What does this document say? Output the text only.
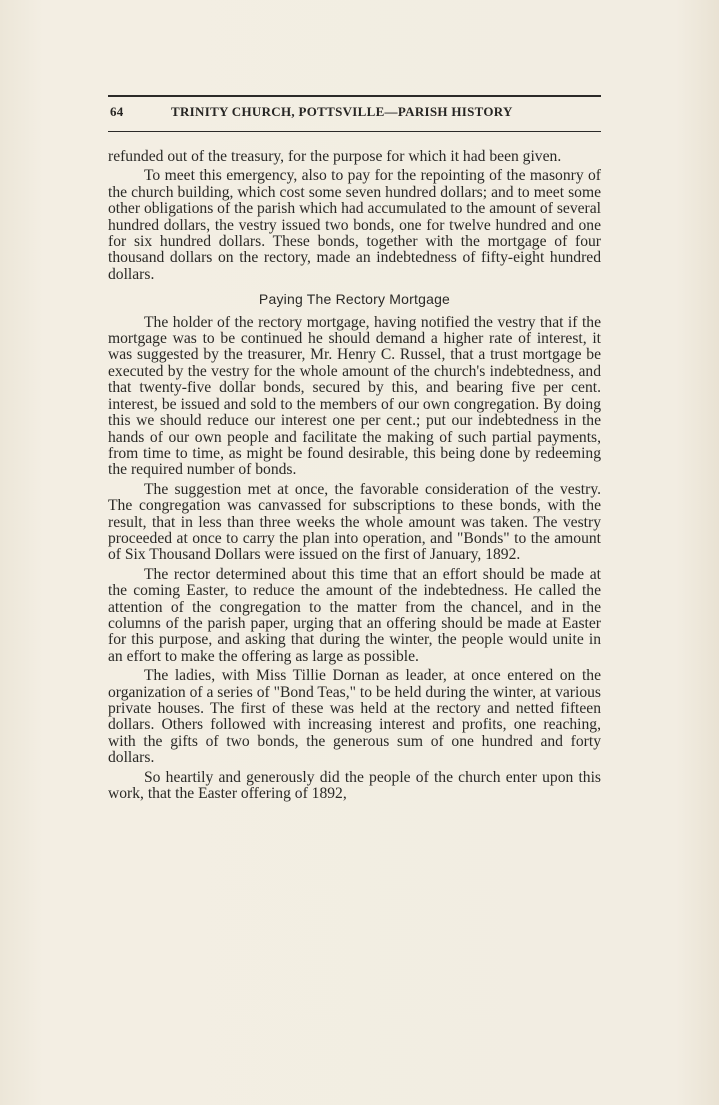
64	TRINITY CHURCH, POTTSVILLE—PARISH HISTORY

refunded out of the treasury, for the purpose for which it had been given.

To meet this emergency, also to pay for the repointing of the masonry of the church building, which cost some seven hundred dollars; and to meet some other obligations of the parish which had accumulated to the amount of several hundred dollars, the vestry issued two bonds, one for twelve hundred and one for six hundred dollars. These bonds, together with the mortgage of four thousand dollars on the rectory, made an indebtedness of fifty-eight hundred dollars.

Paying The Rectory Mortgage

The holder of the rectory mortgage, having notified the vestry that if the mortgage was to be continued he should demand a higher rate of interest, it was suggested by the treasurer, Mr. Henry C. Russel, that a trust mortgage be executed by the vestry for the whole amount of the church's indebtedness, and that twenty-five dollar bonds, secured by this, and bearing five per cent. interest, be issued and sold to the members of our own congregation. By doing this we should reduce our interest one per cent.; put our indebtedness in the hands of our own people and facilitate the making of such partial payments, from time to time, as might be found desirable, this being done by redeeming the required number of bonds.

The suggestion met at once, the favorable consideration of the vestry. The congregation was canvassed for subscriptions to these bonds, with the result, that in less than three weeks the whole amount was taken. The vestry proceeded at once to carry the plan into operation, and "Bonds" to the amount of Six Thousand Dollars were issued on the first of January, 1892.

The rector determined about this time that an effort should be made at the coming Easter, to reduce the amount of the indebtedness. He called the attention of the congregation to the matter from the chancel, and in the columns of the parish paper, urging that an offering should be made at Easter for this purpose, and asking that during the winter, the people would unite in an effort to make the offering as large as possible.

The ladies, with Miss Tillie Dornan as leader, at once entered on the organization of a series of "Bond Teas," to be held during the winter, at various private houses. The first of these was held at the rectory and netted fifteen dollars. Others followed with increasing interest and profits, one reaching, with the gifts of two bonds, the generous sum of one hundred and forty dollars.

So heartily and generously did the people of the church enter upon this work, that the Easter offering of 1892,
